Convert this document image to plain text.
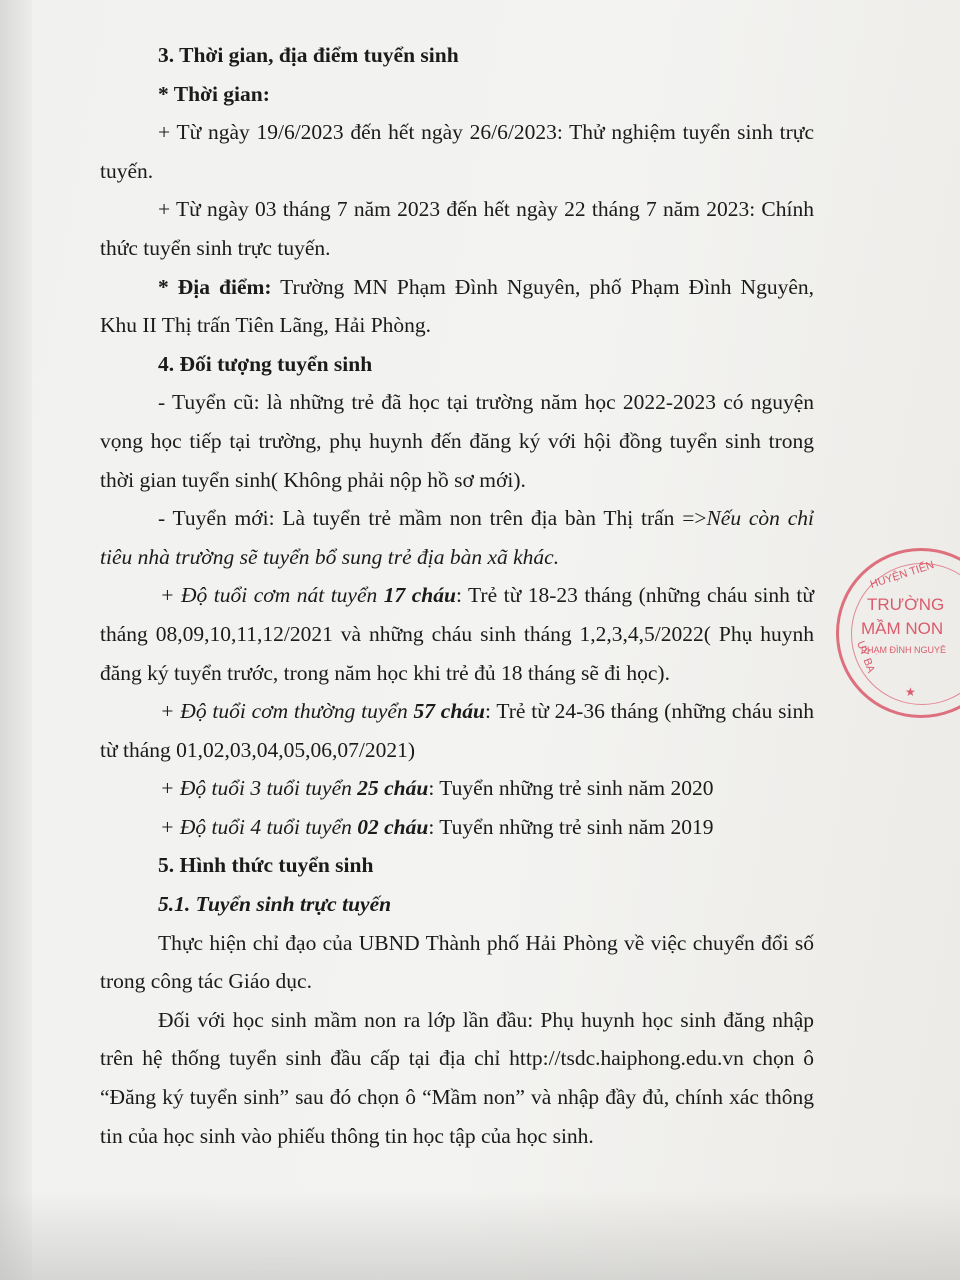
3. Thời gian, địa điểm tuyển sinh

* Thời gian:

+ Từ ngày 19/6/2023 đến hết ngày 26/6/2023: Thử nghiệm tuyển sinh trực tuyến.

+ Từ ngày 03 tháng 7 năm 2023 đến hết ngày 22 tháng 7 năm 2023: Chính thức tuyển sinh trực tuyến.

* Địa điểm: Trường MN Phạm Đình Nguyên, phố Phạm Đình Nguyên, Khu II Thị trấn Tiên Lãng, Hải Phòng.

4. Đối tượng tuyển sinh

- Tuyển cũ: là những trẻ đã học tại trường năm học 2022-2023 có nguyện vọng học tiếp tại trường, phụ huynh đến đăng ký với hội đồng tuyển sinh trong thời gian tuyển sinh( Không phải nộp hồ sơ mới).

- Tuyển mới: Là tuyển trẻ mầm non trên địa bàn Thị trấn =>Nếu còn chỉ tiêu nhà trường sẽ tuyển bổ sung trẻ địa bàn xã khác.

+ Độ tuổi cơm nát tuyển 17 cháu: Trẻ từ 18-23 tháng (những cháu sinh từ tháng 08,09,10,11,12/2021 và những cháu sinh tháng 1,2,3,4,5/2022( Phụ huynh đăng ký tuyển trước, trong năm học khi trẻ đủ 18 tháng sẽ đi học).

+ Độ tuổi cơm thường tuyển 57 cháu: Trẻ từ 24-36 tháng (những cháu sinh từ tháng 01,02,03,04,05,06,07/2021)

+ Độ tuổi 3 tuổi tuyển 25 cháu: Tuyển những trẻ sinh năm 2020

+ Độ tuổi 4 tuổi tuyển 02 cháu: Tuyển những trẻ sinh năm 2019

5. Hình thức tuyển sinh

5.1. Tuyển sinh trực tuyến

Thực hiện chỉ đạo của UBND Thành phố Hải Phòng về việc chuyển đổi số trong công tác Giáo dục.

Đối với học sinh mầm non ra lớp lần đầu: Phụ huynh học sinh đăng nhập trên hệ thống tuyển sinh đầu cấp tại địa chỉ http://tsdc.haiphong.edu.vn chọn ô “Đăng ký tuyển sinh” sau đó chọn ô “Mầm non” và nhập đầy đủ, chính xác thông tin của học sinh vào phiếu thông tin học tập của học sinh.

HUYỆN TIẾN
TRƯỜNG
MẦM NON
PHẠM ĐÌNH NGUYÊ
UỶ BA
★
